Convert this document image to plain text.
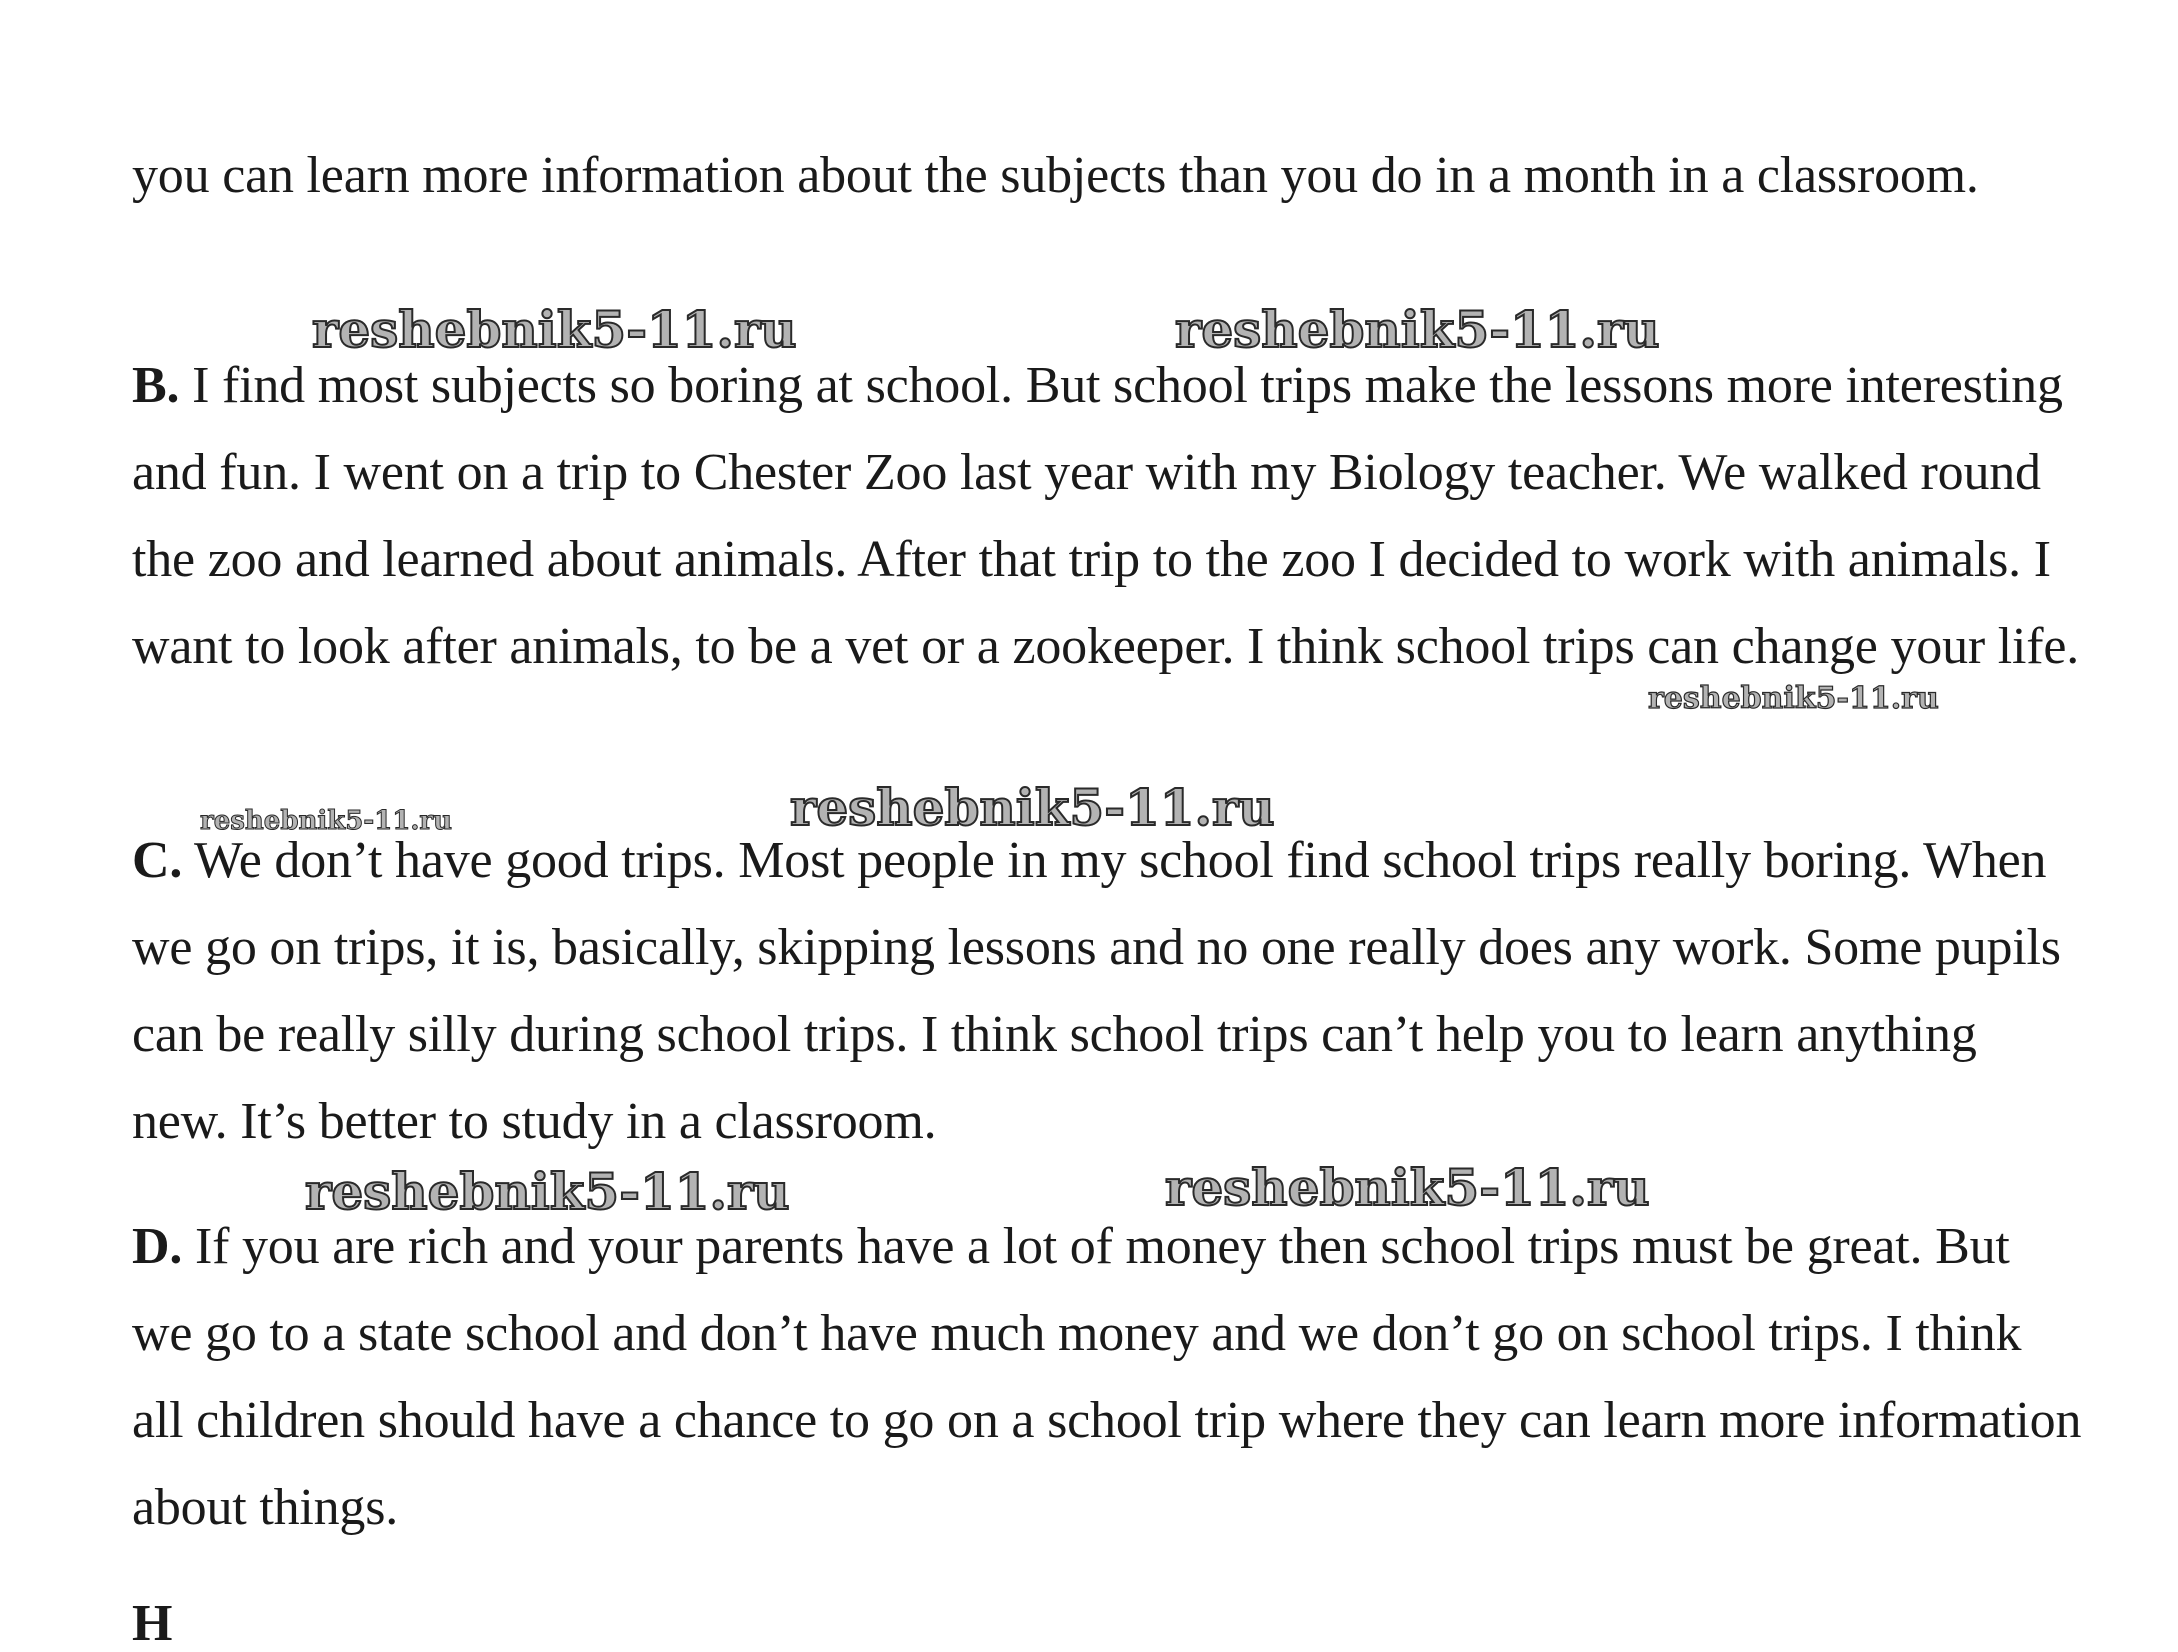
you can learn more information about the subjects than you do in a month in a classroom.
B. I find most subjects so boring at school. But school trips make the lessons more interesting and fun. I went on a trip to Chester Zoo last year with my Biology teacher. We walked round the zoo and learned about animals. After that trip to the zoo I decided to work with animals. I want to look after animals, to be a vet or a zookeeper. I think school trips can change your life.
C. We don’t have good trips. Most people in my school find school trips really boring. When we go on trips, it is, basically, skipping lessons and no one really does any work. Some pupils can be really silly during school trips. I think school trips can’t help you to learn anything new. It’s better to study in a classroom.
D. If you are rich and your parents have a lot of money then school trips must be great. But we go to a state school and don’t have much money and we don’t go on school trips. I think all children should have a chance to go on a school trip where they can learn more information about things.
H
reshebnik5-11.ru	reshebnik5-11.ru
reshebnik5-11.ru
reshebnik5-11.ru	reshebnik5-11.ru
reshebnik5-11.ru	reshebnik5-11.ru
